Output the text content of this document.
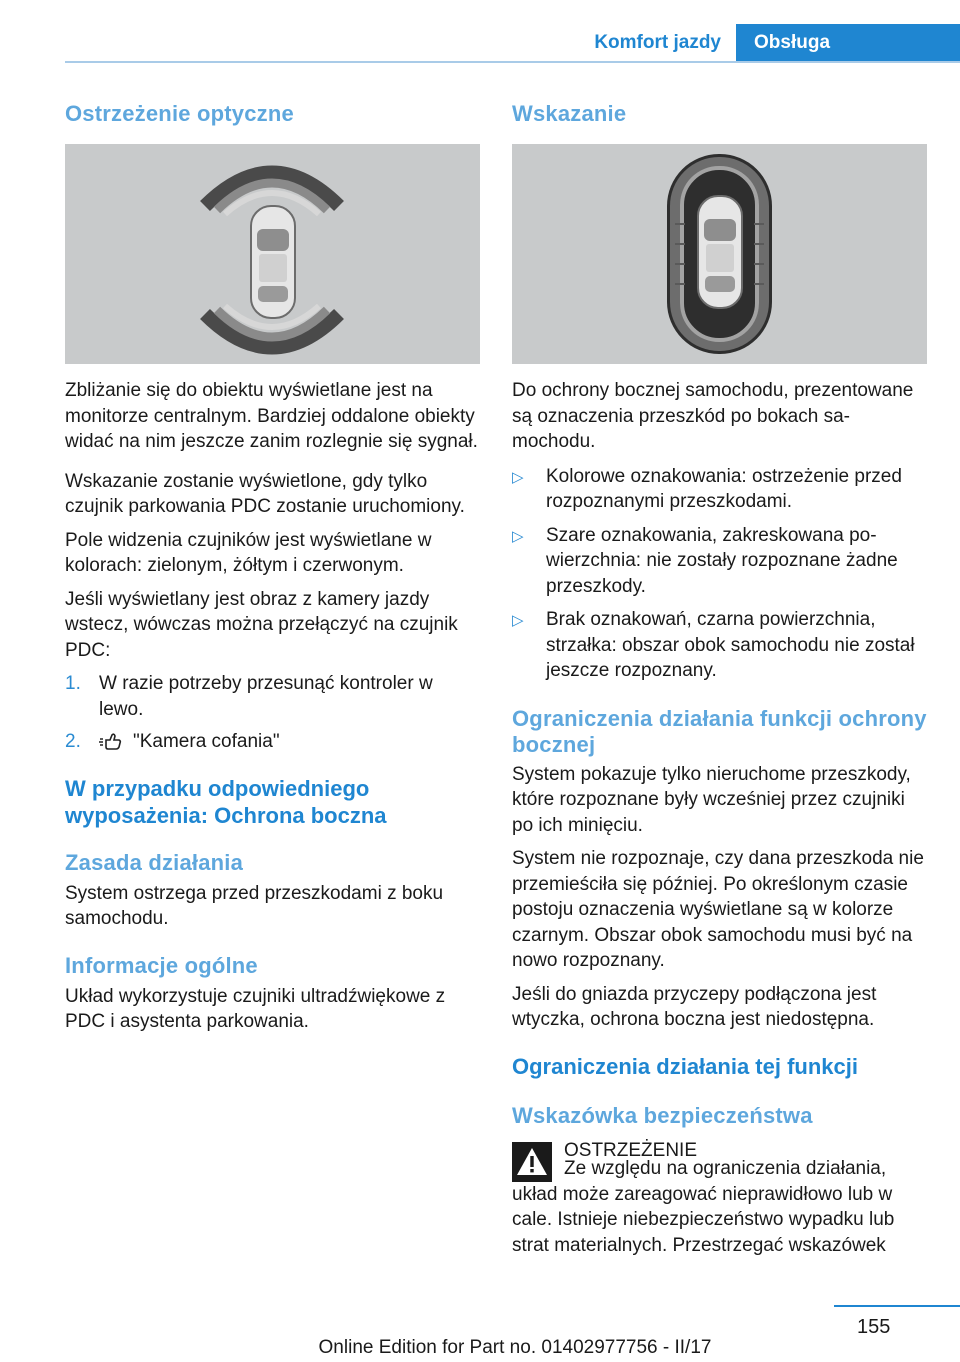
Komfort jazdy	Obsługa
Ostrzeżenie optyczne

Zbliżanie się do obiektu wyświetlane jest na monitorze centralnym. Bardziej oddalone obiekty widać na nim jeszcze zanim rozlegnie się sygnał.

Wskazanie zostanie wyświetlone, gdy tylko czujnik parkowania PDC zostanie uruchomiony.

Pole widzenia czujników jest wyświetlane w kolorach: zielonym, żółtym i czerwonym.

Jeśli wyświetlany jest obraz z kamery jazdy wstecz, wówczas można przełączyć na czujnik PDC:

1. W razie potrzeby przesunąć kontroler w lewo.
2.	"Kamera cofania"
W przypadku odpowiedniego wyposażenia: Ochrona boczna
Zasada działania

System ostrzega przed przeszkodami z boku samochodu.

Informacje ogólne

Układ wykorzystuje czujniki ultradźwiękowe z PDC i asystenta parkowania.

Wskazanie

Do ochrony bocznej samochodu, prezentowane są oznaczenia przeszkód po bokach samochodu.

▷	Kolorowe oznakowania: ostrzeżenie przed rozpoznanymi przeszkodami.
▷	Szare oznakowania, zakreskowana powierzchnia: nie zostały rozpoznane żadne przeszkody.
▷	Brak oznakowań, czarna powierzchnia, strzałka: obszar obok samochodu nie został jeszcze rozpoznany.
Ograniczenia działania funkcji ochrony bocznej

System pokazuje tylko nieruchome przeszkody, które rozpoznane były wcześniej przez czujniki po ich minięciu.

System nie rozpoznaje, czy dana przeszkoda nie przemieściła się później. Po określonym czasie postoju oznaczenia wyświetlane są w kolorze czarnym. Obszar obok samochodu musi być na nowo rozpoznany.

Jeśli do gniazda przyczepy podłączona jest wtyczka, ochrona boczna jest niedostępna.

Ograniczenia działania tej funkcji
Wskazówka bezpieczeństwa

OSTRZEŻENIE

Ze względu na ograniczenia działania, układ może zareagować nieprawidłowo lub w cale. Istnieje niebezpieczeństwo wypadku lub strat materialnych. Przestrzegać wskazówek

155
Online Edition for Part no. 01402977756 - II/17
